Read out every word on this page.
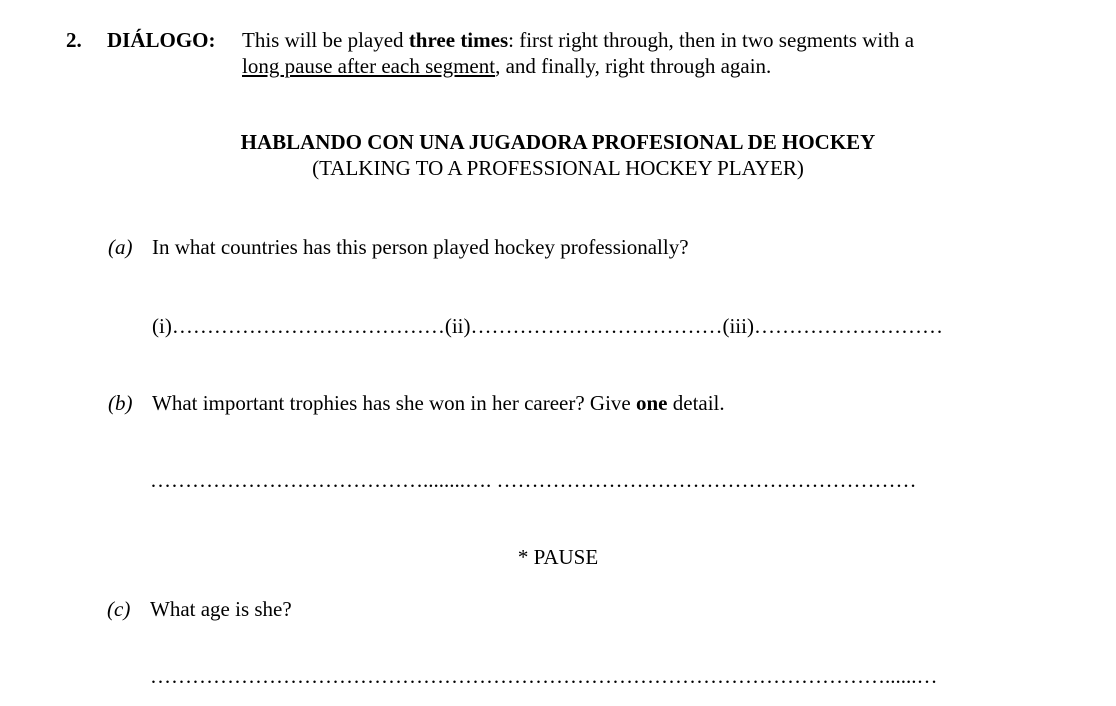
2. DIÁLOGO: This will be played three times: first right through, then in two segments with a
long pause after each segment, and finally, right through again.
HABLANDO CON UNA JUGADORA PROFESIONAL DE HOCKEY
(TALKING TO A PROFESSIONAL HOCKEY PLAYER)
(a) In what countries has this person played hockey professionally?
(i)…………………………………(ii)………………………………(iii)………………………
(b) What important trophies has she won in her career? Give one detail.
…………………………………........…. ……………………………………………………
* PAUSE
(c) What age is she?
……………………………………………………………………………………………......…
